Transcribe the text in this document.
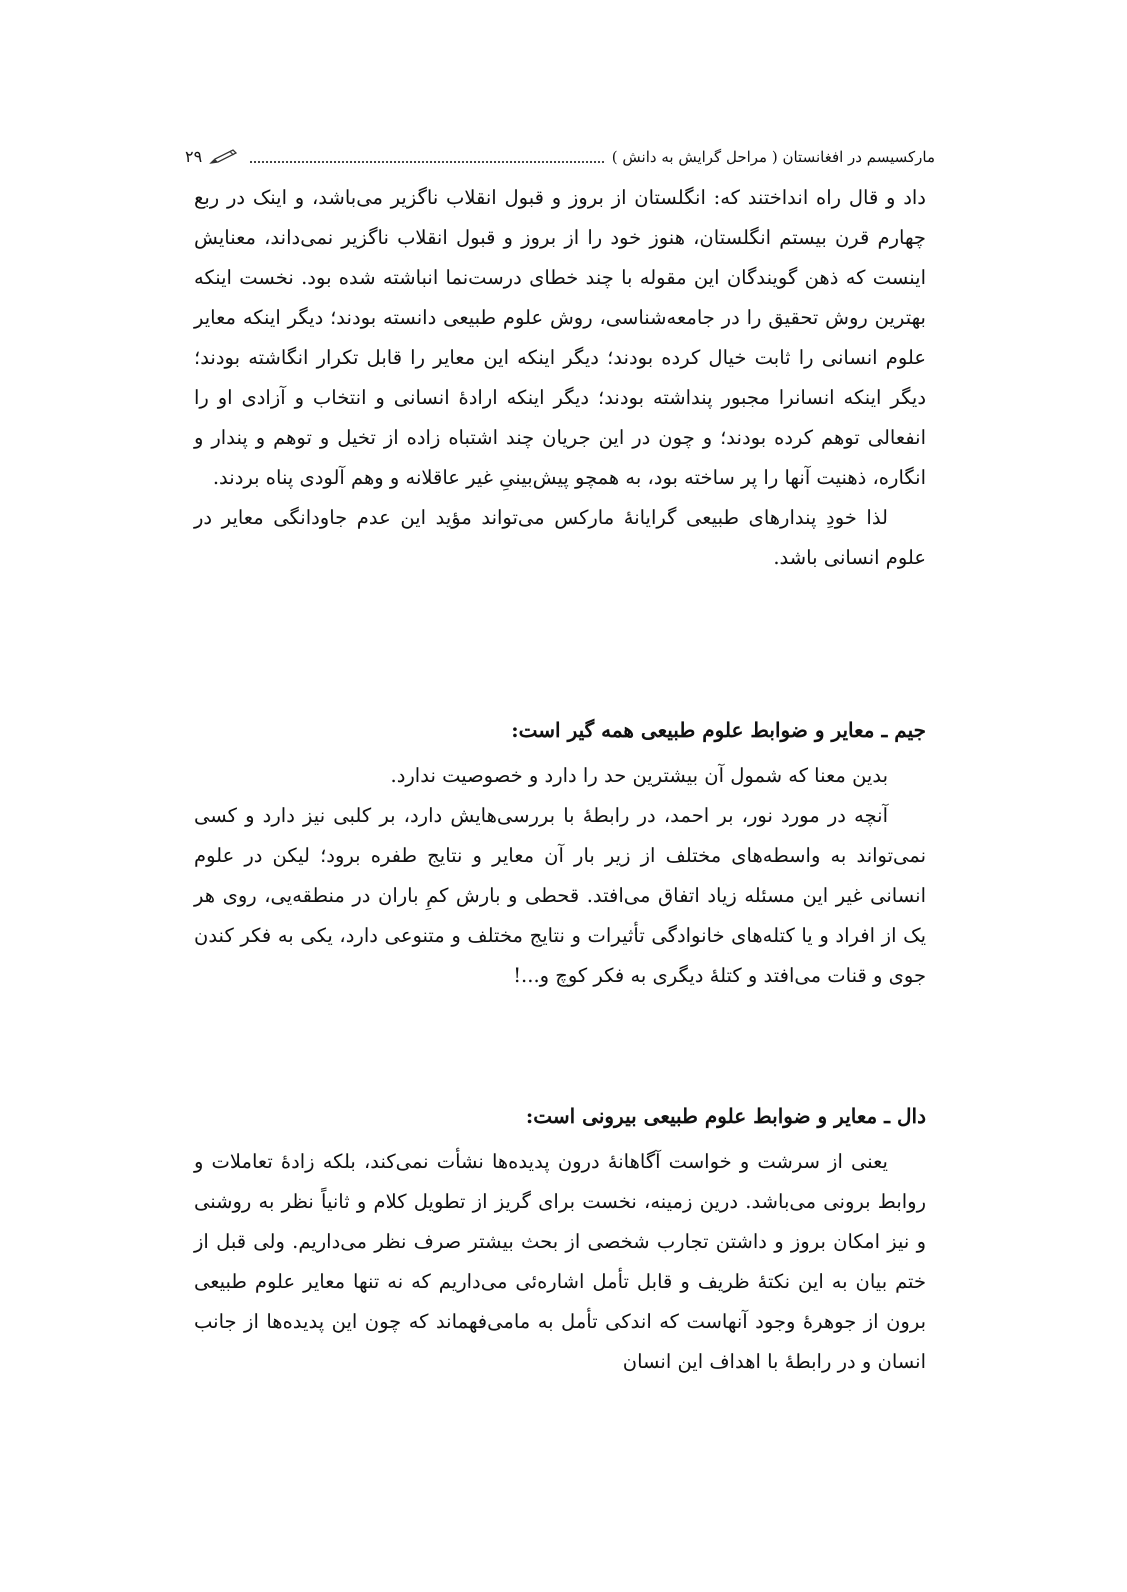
مارکسیسم در افغانستان ( مراحل گرایش به دانش )
۲۹

داد و قال راه انداختند که: انگلستان از بروز و قبول انقلاب ناگزیر می‌باشد، و اینک در ربع چهارم قرن بیستم انگلستان، هنوز خود را از بروز و قبول انقلاب ناگزیر نمی‌داند، معنایش اینست که ذهن گویندگان این مقوله با چند خطای درست‌نما انباشته شده بود. نخست اینکه بهترین روش تحقیق را در جامعه‌شناسی، روش علوم طبیعی دانسته بودند؛ دیگر اینکه معایر علوم انسانی را ثابت خیال کرده بودند؛ دیگر اینکه این معایر را قابل تکرار انگاشته بودند؛ دیگر اینکه انسانرا مجبور پنداشته بودند؛ دیگر اینکه ارادهٔ انسانی و انتخاب و آزادی او را انفعالی توهم کرده بودند؛ و چون در این جریان چند اشتباه زاده از تخیل و توهم و پندار و انگاره، ذهنیت آنها را پر ساخته بود، به همچو پیش‌بینیِ غیر عاقلانه و وهم آلودی پناه بردند.

لذا خودِ پندارهای طبیعی گرایانهٔ مارکس می‌تواند مؤید این عدم جاودانگی معایر در علوم انسانی باشد.

جیم ـ معایر و ضوابط علوم طبیعی همه گیر است:

بدین معنا که شمول آن بیشترین حد را دارد و خصوصیت ندارد.

آنچه در مورد نور، بر احمد، در رابطهٔ با بررسی‌هایش دارد، بر کلبی نیز دارد و کسی نمی‌تواند به واسطه‌های مختلف از زیر بار آن معایر و نتایج طفره برود؛ لیکن در علوم انسانی غیر این مسئله زیاد اتفاق می‌افتد. قحطی و بارش کمِ باران در منطقه‌یی، روی هر یک از افراد و یا کتله‌های خانوادگی تأثیرات و نتایج مختلف و متنوعی دارد، یکی به فکر کندن جوی و قنات می‌افتد و کتلهٔ دیگری به فکر کوچ و...!

دال ـ معایر و ضوابط علوم طبیعی بیرونی است:

یعنی از سرشت و خواست آگاهانهٔ درون پدیده‌ها نشأت نمی‌کند، بلکه زادهٔ تعاملات و روابط برونی می‌باشد. درین زمینه، نخست برای گریز از تطویل کلام و ثانیاً نظر به روشنی و نیز امکان بروز و داشتن تجارب شخصی از بحث بیشتر صرف نظر می‌داریم. ولی قبل از ختم بیان به این نکتهٔ ظریف و قابل تأمل اشاره‌ئی می‌داریم که نه تنها معایر علوم طبیعی برون از جوهرهٔ وجود آنهاست که اندکی تأمل به مامی‌فهماند که چون این پدیده‌ها از جانب انسان و در رابطهٔ با اهداف این انسان
